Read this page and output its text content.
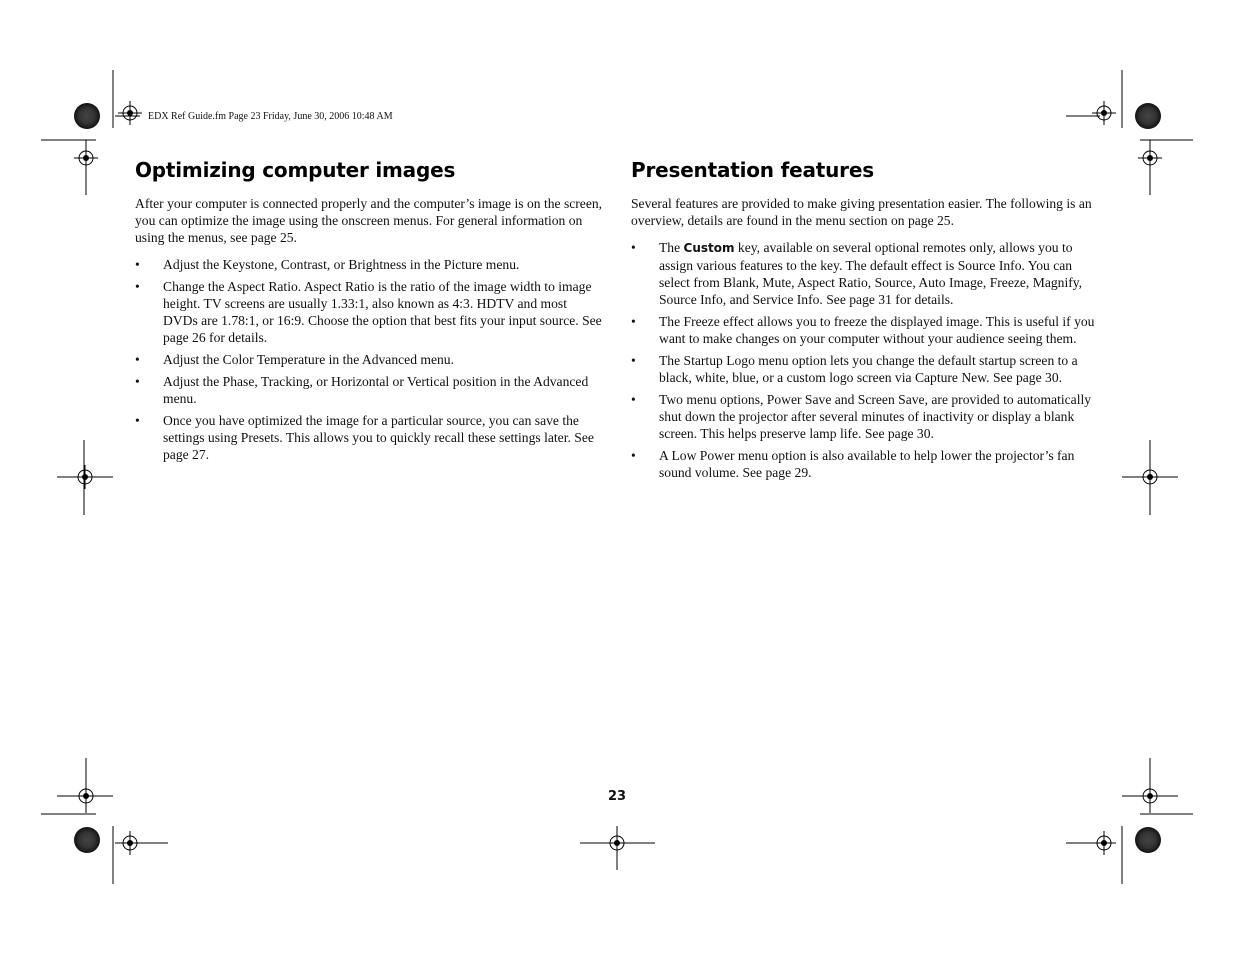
EDX Ref Guide.fm Page 23 Friday, June 30, 2006 10:48 AM
Optimizing computer images

After your computer is connected properly and the computer’s image is on the screen, you can optimize the image using the onscreen menus. For general information on using the menus, see page 25.

• Adjust the Keystone, Contrast, or Brightness in the Picture menu.
• Change the Aspect Ratio. Aspect Ratio is the ratio of the image width to image height. TV screens are usually 1.33:1, also known as 4:3. HDTV and most DVDs are 1.78:1, or 16:9. Choose the option that best fits your input source. See page 26 for details.
• Adjust the Color Temperature in the Advanced menu.
• Adjust the Phase, Tracking, or Horizontal or Vertical position in the Advanced menu.
• Once you have optimized the image for a particular source, you can save the settings using Presets. This allows you to quickly recall these settings later. See page 27.
Presentation features

Several features are provided to make giving presentation easier. The following is an overview, details are found in the menu section on page 25.

• The Custom key, available on several optional remotes only, allows you to assign various features to the key. The default effect is Source Info. You can select from Blank, Mute, Aspect Ratio, Source, Auto Image, Freeze, Magnify, Source Info, and Service Info. See page 31 for details.
• The Freeze effect allows you to freeze the displayed image. This is useful if you want to make changes on your computer without your audience seeing them.
• The Startup Logo menu option lets you change the default startup screen to a black, white, blue, or a custom logo screen via Capture New. See page 30.
• Two menu options, Power Save and Screen Save, are provided to automatically shut down the projector after several minutes of inactivity or display a blank screen. This helps preserve lamp life. See page 30.
• A Low Power menu option is also available to help lower the projector’s fan sound volume. See page 29.
23
